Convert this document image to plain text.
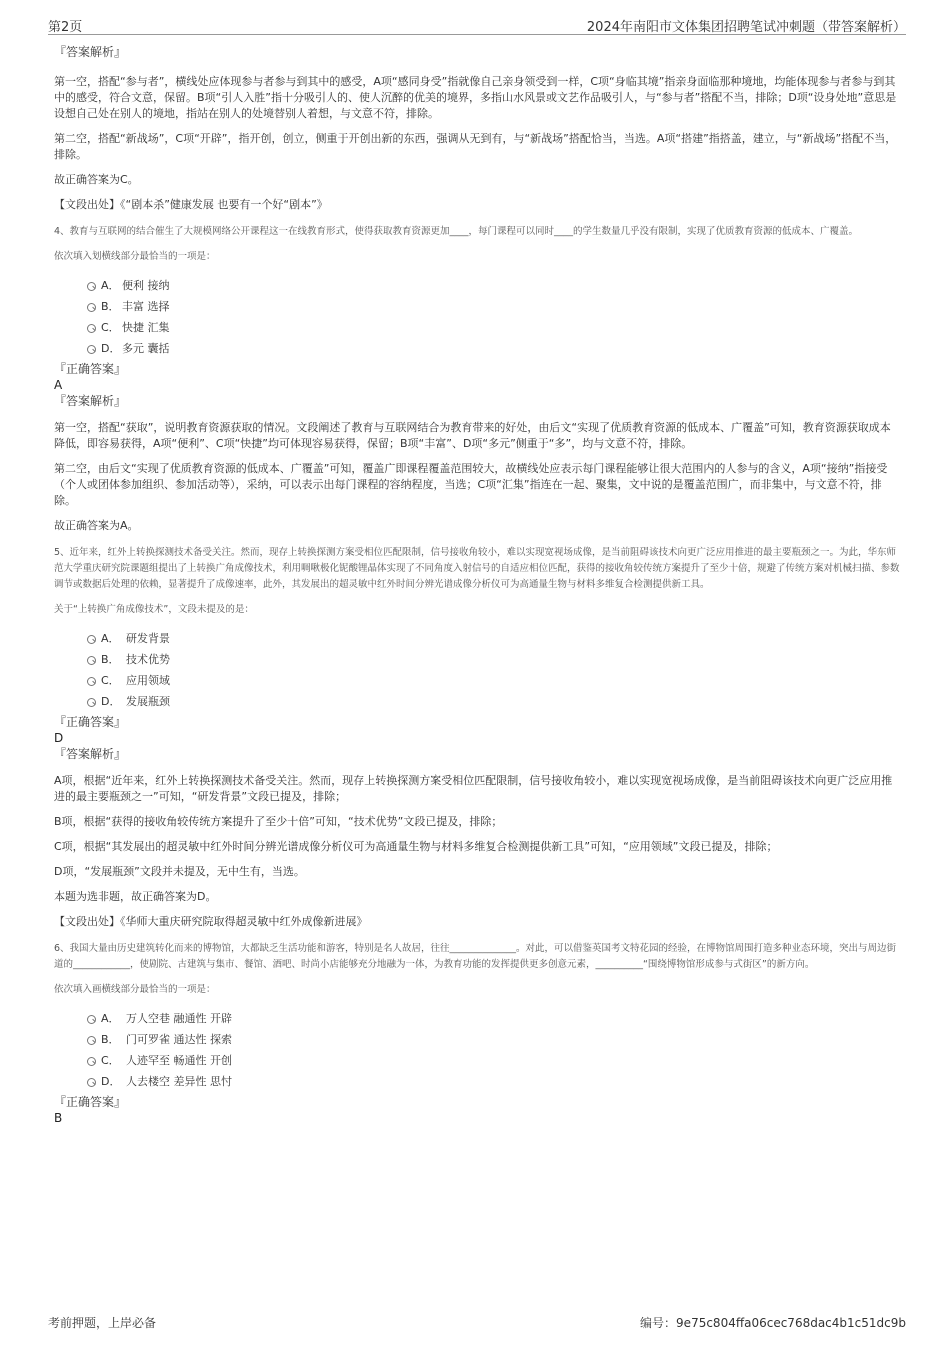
第2页	2024年南阳市文体集团招聘笔试冲刺题（带答案解析）

『答案解析』

第一空，搭配“参与者”，横线处应体现参与者参与到其中的感受，A项“感同身受”指就像自己亲身领受到一样，C项“身临其境”指亲身面临那种境地，均能体现参与者参与到其中的感受，符合文意，保留。B项“引人入胜”指十分吸引人的、使人沉醉的优美的境界，多指山水风景或文艺作品吸引人，与“参与者”搭配不当，排除；D项“设身处地”意思是设想自己处在别人的境地，指站在别人的处境替别人着想，与文意不符，排除。

第二空，搭配“新战场”，C项“开辟”，指开创，创立，侧重于开创出新的东西，强调从无到有，与“新战场”搭配恰当，当选。A项“搭建”指搭盖，建立，与“新战场”搭配不当，排除。

故正确答案为C。

【文段出处】《“剧本杀”健康发展 也要有一个好“剧本”》

4、教育与互联网的结合催生了大规模网络公开课程这一在线教育形式，使得获取教育资源更加____，每门课程可以同时____的学生数量几乎没有限制，实现了优质教育资源的低成本、广覆盖。

依次填入划横线部分最恰当的一项是：

A． 便利 接纳
B． 丰富 选择
C． 快捷 汇集
D． 多元 囊括

『正确答案』

A

『答案解析』

第一空，搭配“获取”，说明教育资源获取的情况。文段阐述了教育与互联网结合为教育带来的好处，由后文“实现了优质教育资源的低成本、广覆盖”可知，教育资源获取成本降低，即容易获得，A项“便利”、C项“快捷”均可体现容易获得，保留；B项“丰富”、D项“多元”侧重于“多”，均与文意不符，排除。

第二空，由后文“实现了优质教育资源的低成本、广覆盖”可知，覆盖广即课程覆盖范围较大，故横线处应表示每门课程能够让很大范围内的人参与的含义，A项“接纳”指接受（个人或团体参加组织、参加活动等），采纳，可以表示出每门课程的容纳程度，当选；C项“汇集”指连在一起、聚集，文中说的是覆盖范围广，而非集中，与文意不符，排除。

故正确答案为A。

5、近年来，红外上转换探测技术备受关注。然而，现存上转换探测方案受相位匹配限制，信号接收角较小，难以实现宽视场成像，是当前阻碍该技术向更广泛应用推进的最主要瓶颈之一。为此，华东师范大学重庆研究院课题组提出了上转换广角成像技术，利用啁啾极化铌酸锂晶体实现了不同角度入射信号的自适应相位匹配，获得的接收角较传统方案提升了至少十倍，规避了传统方案对机械扫描、参数调节或数据后处理的依赖，显著提升了成像速率，此外，其发展出的超灵敏中红外时间分辨光谱成像分析仪可为高通量生物与材料多维复合检测提供新工具。

关于“上转换广角成像技术”，文段未提及的是：

A． 研发背景
B． 技术优势
C． 应用领域
D． 发展瓶颈

『正确答案』

D

『答案解析』

A项，根据“近年来，红外上转换探测技术备受关注。然而，现存上转换探测方案受相位匹配限制，信号接收角较小，难以实现宽视场成像，是当前阻碍该技术向更广泛应用推进的最主要瓶颈之一”可知，“研发背景”文段已提及，排除；

B项，根据“获得的接收角较传统方案提升了至少十倍”可知，“技术优势”文段已提及，排除；

C项，根据“其发展出的超灵敏中红外时间分辨光谱成像分析仪可为高通量生物与材料多维复合检测提供新工具”可知，“应用领域”文段已提及，排除；

D项，“发展瓶颈”文段并未提及，无中生有，当选。

本题为选非题，故正确答案为D。

【文段出处】《华师大重庆研究院取得超灵敏中红外成像新进展》

6、我国大量由历史建筑转化而来的博物馆，大都缺乏生活功能和游客，特别是名人故居，往往______________。对此，可以借鉴英国考文特花园的经验，在博物馆周围打造多种业态环境，突出与周边街道的____________，使剧院、古建筑与集市、餐馆、酒吧、时尚小店能够充分地融为一体，为教育功能的发挥提供更多创意元素，__________“围绕博物馆形成参与式街区”的新方向。

依次填入画横线部分最恰当的一项是：

A． 万人空巷 融通性 开辟
B． 门可罗雀 通达性 探索
C． 人迹罕至 畅通性 开创
D． 人去楼空 差异性 思忖

『正确答案』

B

考前押题，上岸必备	编号：9e75c804ffa06cec768dac4b1c51dc9b
